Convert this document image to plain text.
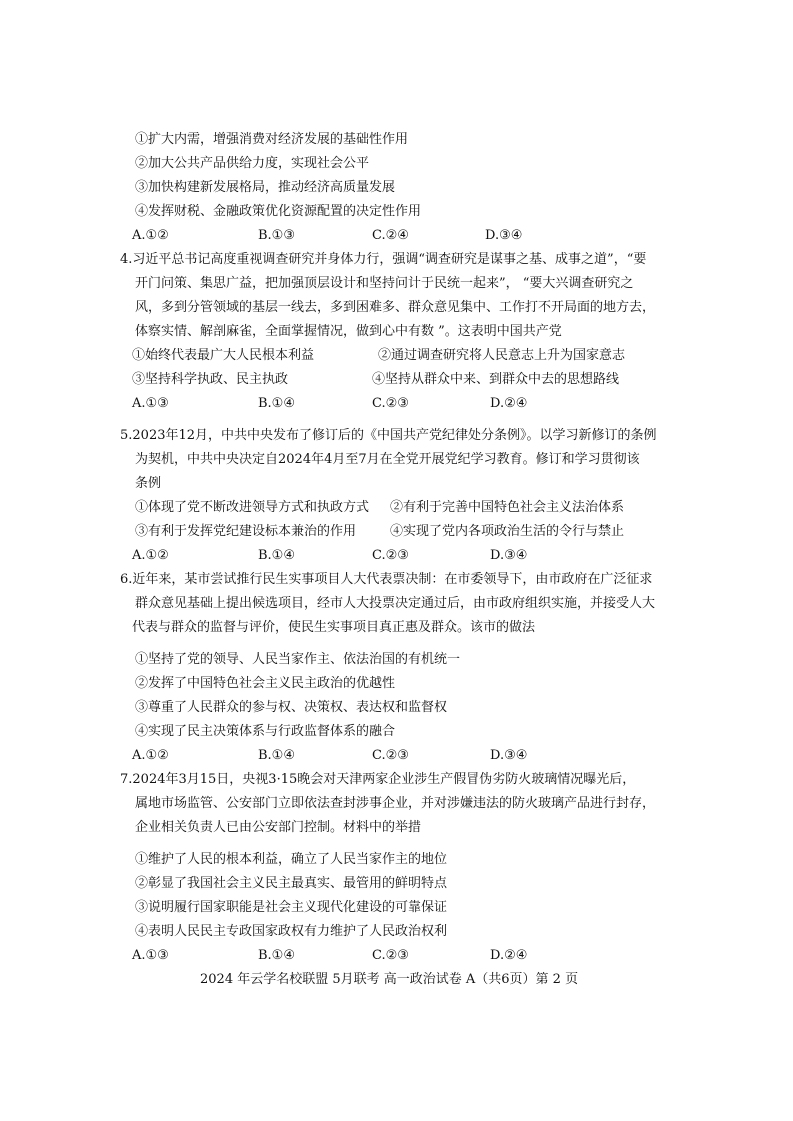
①扩大内需，增强消费对经济发展的基础性作用
②加大公共产品供给力度，实现社会公平
③加快构建新发展格局，推动经济高质量发展
④发挥财税、金融政策优化资源配置的决定性作用
A.①②	B.①③	C.②④	D.③④
4.习近平总书记高度重视调查研究并身体力行，强调“调查研究是谋事之基、成事之道”，“要
开门问策、集思广益，把加强顶层设计和坚持问计于民统一起来”， “要大兴调查研究之
风，多到分管领域的基层一线去，多到困难多、群众意见集中、工作打不开局面的地方去，
体察实情、解剖麻雀，全面掌握情况，做到心中有数 ”。这表明中国共产党
①始终代表最广大人民根本利益	②通过调查研究将人民意志上升为国家意志
③坚持科学执政、民主执政	④坚持从群众中来、到群众中去的思想路线
A.①③	B.①④	C.②③	D.②④
5.2023年12月，中共中央发布了修订后的《中国共产党纪律处分条例》。以学习新修订的条例
为契机，中共中央决定自2024年4月至7月在全党开展党纪学习教育。修订和学习贯彻该
条例
①体现了党不断改进领导方式和执政方式 ②有利于完善中国特色社会主义法治体系
③有利于发挥党纪建设标本兼治的作用	④实现了党内各项政治生活的令行与禁止
A.①②	B.①④	C.②③	D.③④
6.近年来，某市尝试推行民生实事项目人大代表票决制：在市委领导下，由市政府在广泛征求
群众意见基础上提出候选项目，经市人大投票决定通过后，由市政府组织实施，并接受人大
代表与群众的监督与评价，使民生实事项目真正惠及群众。该市的做法
①坚持了党的领导、人民当家作主、依法治国的有机统一
②发挥了中国特色社会主义民主政治的优越性
③尊重了人民群众的参与权、决策权、表达权和监督权
④实现了民主决策体系与行政监督体系的融合
A.①②	B.①④	C.②③	D.③④
7.2024年3月15日，央视3·15晚会对天津两家企业涉生产假冒伪劣防火玻璃情况曝光后，
属地市场监管、公安部门立即依法查封涉事企业，并对涉嫌违法的防火玻璃产品进行封存，
企业相关负责人已由公安部门控制。材料中的举措
①维护了人民的根本利益，确立了人民当家作主的地位
②彰显了我国社会主义民主最真实、最管用的鲜明特点
③说明履行国家职能是社会主义现代化建设的可靠保证
④表明人民民主专政国家政权有力维护了人民政治权利
A.①③	B.①④	C.②③	D.②④
2024 年云学名校联盟 5月联考 高一政治试卷 A（共6页）第 2 页
